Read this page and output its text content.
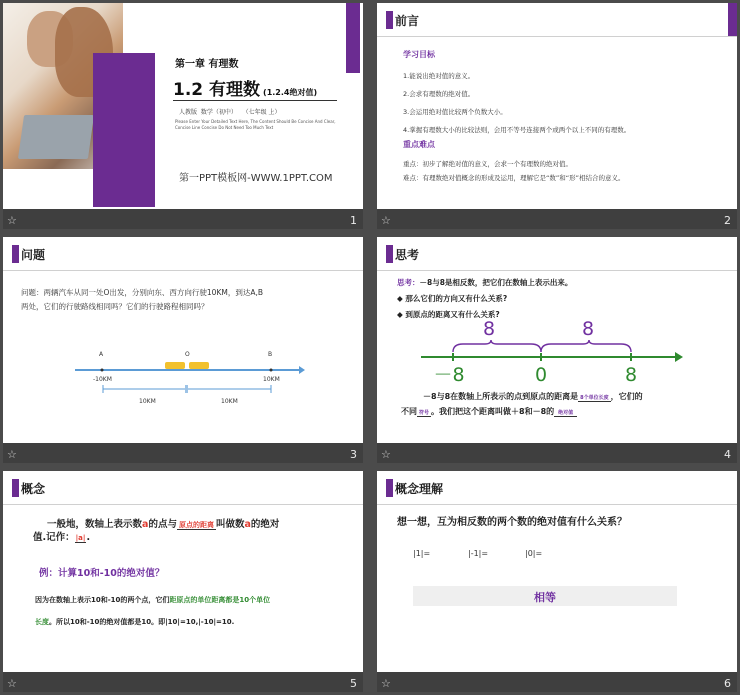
第一章 有理数
1.2 有理数 (1.2.4绝对值)
人教版 数学（初中） （七年级 上）
Please Enter Your Detailed Text Here, The Content Should Be Concise And Clear,
Concise Line Concise Do Not Need Too Much Text
第一PPT模板网-WWW.1PPT.COM
☆	1
前言
学习目标
1.能说出绝对值的意义。
2.会求有理数的绝对值。
3.会运用绝对值比较两个负数大小。
4.掌握有理数大小的比较法则，会用不等号连接两个或两个以上不同的有理数。
重点难点
重点：初步了解绝对值的意义，会求一个有理数的绝对值。
难点：有理数绝对值概念的形成及运用，理解它是“数”和“形”相结合的意义。
☆	2
问题
问题：两辆汽车从同一处O出发，分别向东、西方向行驶10KM，到达A,B
两处，它们的行驶路线相同吗？它们的行驶路程相同吗？
A	O	B
-10KM	10KM
10KM	10KM
☆	3
思考
思考：－8与8是相反数，把它们在数轴上表示出来。
◆ 那么它们的方向又有什么关系?
◆ 到原点的距离又有什么关系?
8	8
－8	0	8
－8与8在数轴上所表示的点到原点的距离是 8个单位长度 ，它们的
不同 符号 。我们把这个距离叫做＋8和－8的 绝对值
☆	4
概念
一般地，数轴上表示数a的点与 原点的距离 叫做数a的绝对
值.记作：|a|.
例：计算10和-10的绝对值？
因为在数轴上表示10和-10的两个点，它们距原点的单位距离都是10个单位
长度。所以10和-10的绝对值都是10。即|10|=10,|-10|=10.
☆	5
概念理解
想一想，互为相反数的两个数的绝对值有什么关系？
|1|=	|-1|=	|0|=
相等
☆	6
